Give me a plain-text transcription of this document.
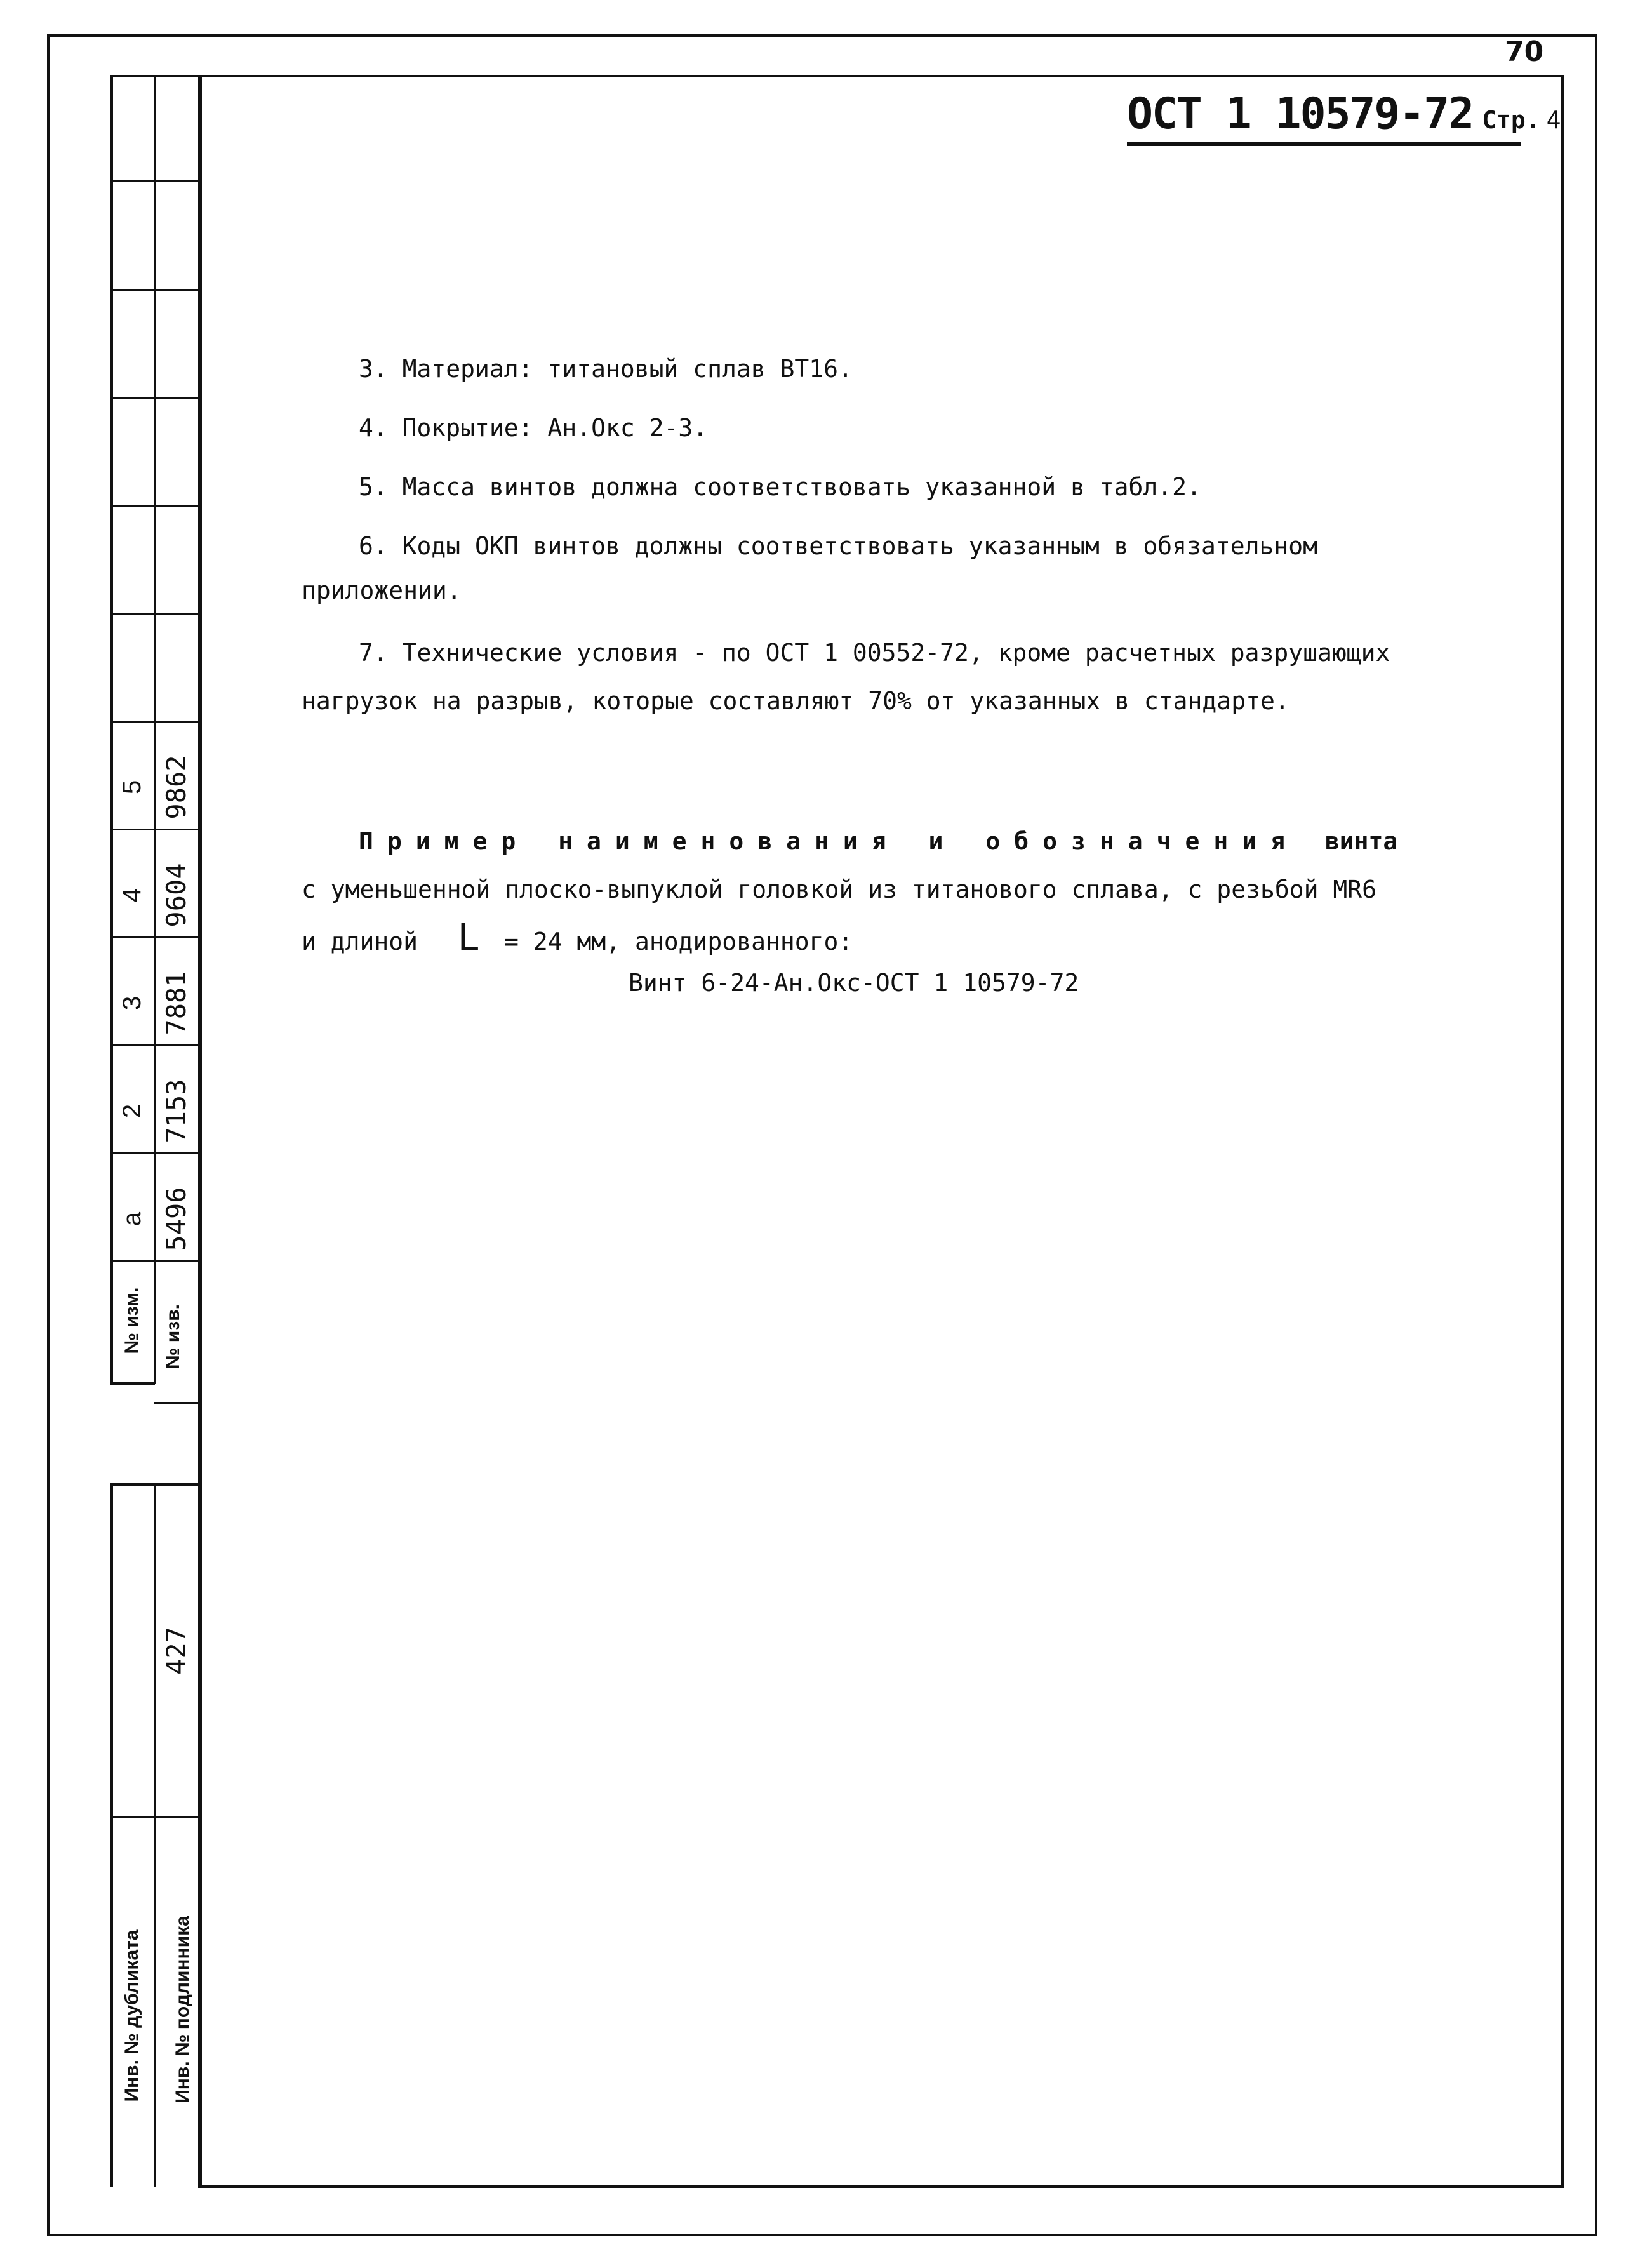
70
ОСТ 1 10579-72 Стр. 4
3. Материал: титановый сплав ВТ16.
4. Покрытие: Ан.Окс 2-3.
5. Масса винтов должна соответствовать указанной в табл.2.
6. Коды ОКП винтов должны соответствовать указанным в обязательном
приложении.
7. Технические условия - по ОСТ 1 00552-72, кроме расчетных разрушающих
нагрузок на разрыв, которые составляют 70% от указанных в стандарте.
Пример наименования и обозначения винта
с уменьшенной плоско-выпуклой головкой из титанового сплава, с резьбой MR6
и длиной L = 24 мм, анодированного:
Винт 6-24-Ан.Окс-ОСТ 1 10579-72
а
2
3
4
5
5496
7153
7881
9604
9862
№ изм. № изв.
427
Инв. № дубликата Инв. № подлинника
